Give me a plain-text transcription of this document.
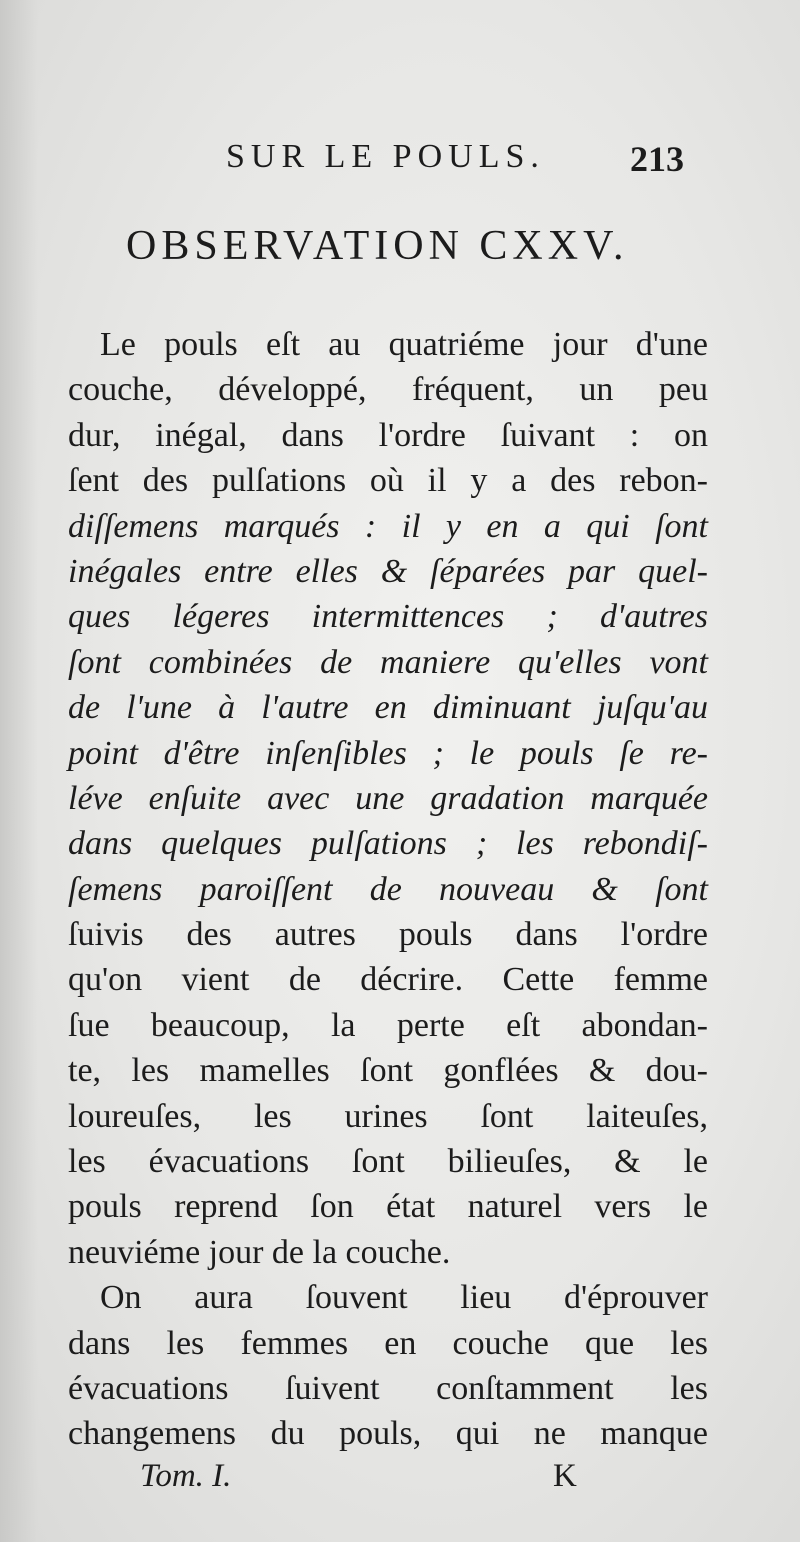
SUR LE POULS. 213
OBSERVATION CXXV.
Le pouls eſt au quatriéme jour d'une
couche, développé, fréquent, un peu
dur, inégal, dans l'ordre ſuivant : on
ſent des pulſations où il y a des rebon-
diſſemens marqués : il y en a qui ſont
inégales entre elles & ſéparées par quel-
ques légeres intermittences ; d'autres
ſont combinées de maniere qu'elles vont
de l'une à l'autre en diminuant juſqu'au
point d'être inſenſibles ; le pouls ſe re-
léve enſuite avec une gradation marquée
dans quelques pulſations ; les rebondiſ-
ſemens paroiſſent de nouveau & ſont
ſuivis des autres pouls dans l'ordre
qu'on vient de décrire. Cette femme
ſue beaucoup, la perte eſt abondan-
te, les mamelles ſont gonflées & dou-
loureuſes, les urines ſont laiteuſes,
les évacuations ſont bilieuſes, & le
pouls reprend ſon état naturel vers le
neuviéme jour de la couche.
On aura ſouvent lieu d'éprouver
dans les femmes en couche que les
évacuations ſuivent conſtamment les
changemens du pouls, qui ne manque
Tom. I.	K
